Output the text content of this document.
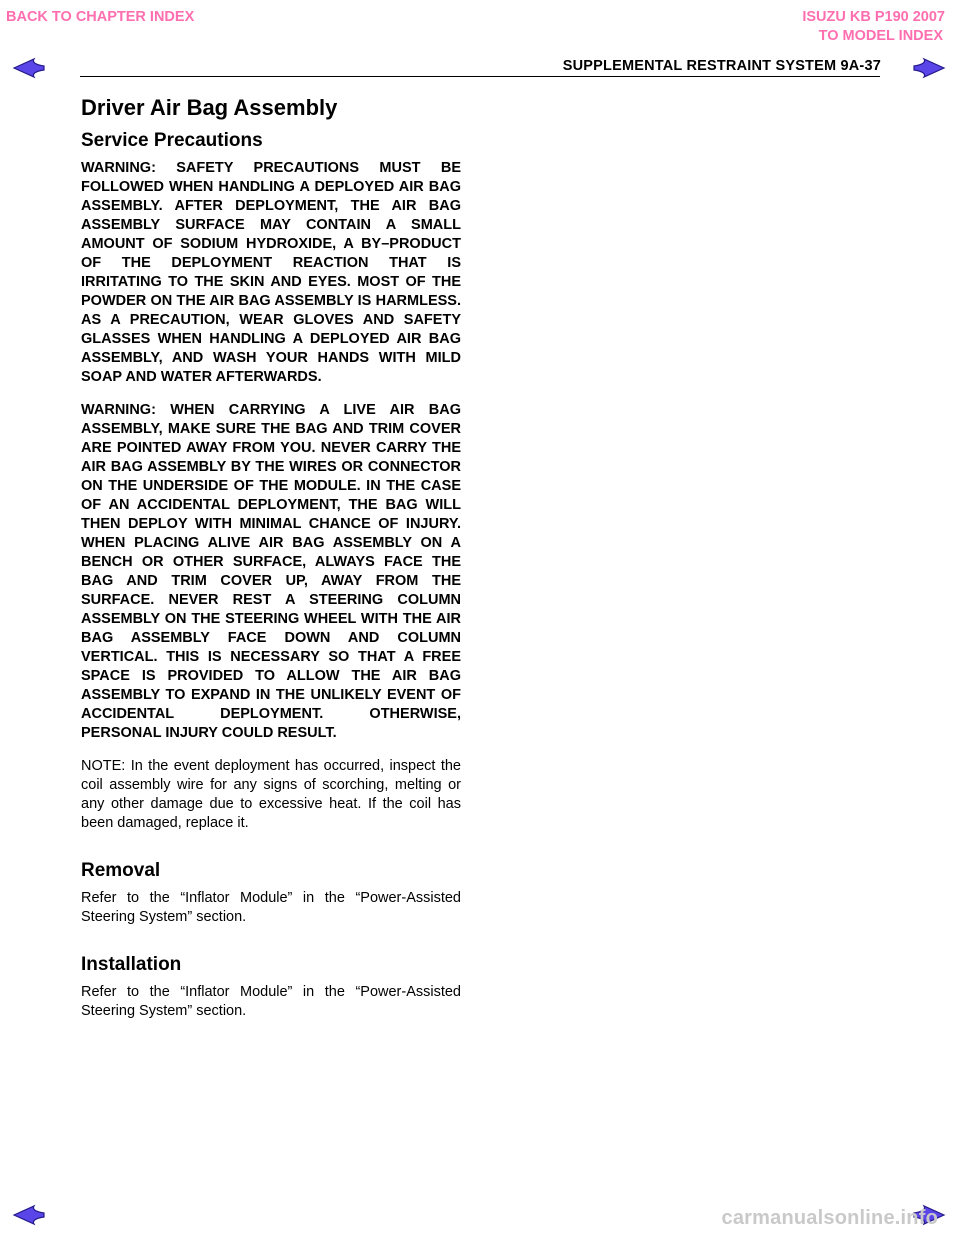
BACK TO CHAPTER INDEX	ISUZU KB P190 2007
TO MODEL INDEX
SUPPLEMENTAL RESTRAINT SYSTEM 9A-37
Driver Air Bag Assembly
Service Precautions

WARNING: SAFETY PRECAUTIONS MUST BE FOLLOWED WHEN HANDLING A DEPLOYED AIR BAG ASSEMBLY. AFTER DEPLOYMENT, THE AIR BAG ASSEMBLY SURFACE MAY CONTAIN A SMALL AMOUNT OF SODIUM HYDROXIDE, A BY–PRODUCT OF THE DEPLOYMENT REACTION THAT IS IRRITATING TO THE SKIN AND EYES. MOST OF THE POWDER ON THE AIR BAG ASSEMBLY IS HARMLESS. AS A PRECAUTION, WEAR GLOVES AND SAFETY GLASSES WHEN HANDLING A DEPLOYED AIR BAG ASSEMBLY, AND WASH YOUR HANDS WITH MILD SOAP AND WATER AFTERWARDS.

WARNING: WHEN CARRYING A LIVE AIR BAG ASSEMBLY, MAKE SURE THE BAG AND TRIM COVER ARE POINTED AWAY FROM YOU. NEVER CARRY THE AIR BAG ASSEMBLY BY THE WIRES OR CONNECTOR ON THE UNDERSIDE OF THE MODULE. IN THE CASE OF AN ACCIDENTAL DEPLOYMENT, THE BAG WILL THEN DEPLOY WITH MINIMAL CHANCE OF INJURY. WHEN PLACING ALIVE AIR BAG ASSEMBLY ON A BENCH OR OTHER SURFACE, ALWAYS FACE THE BAG AND TRIM COVER UP, AWAY FROM THE SURFACE. NEVER REST A STEERING COLUMN ASSEMBLY ON THE STEERING WHEEL WITH THE AIR BAG ASSEMBLY FACE DOWN AND COLUMN VERTICAL. THIS IS NECESSARY SO THAT A FREE SPACE IS PROVIDED TO ALLOW THE AIR BAG ASSEMBLY TO EXPAND IN THE UNLIKELY EVENT OF ACCIDENTAL DEPLOYMENT. OTHERWISE, PERSONAL INJURY COULD RESULT.

NOTE: In the event deployment has occurred, inspect the coil assembly wire for any signs of scorching, melting or any other damage due to excessive heat. If the coil has been damaged, replace it.

Removal

Refer to the “Inflator Module” in the “Power-Assisted Steering System” section.

Installation

Refer to the “Inflator Module” in the “Power-Assisted Steering System” section.

carmanualsonline.info
